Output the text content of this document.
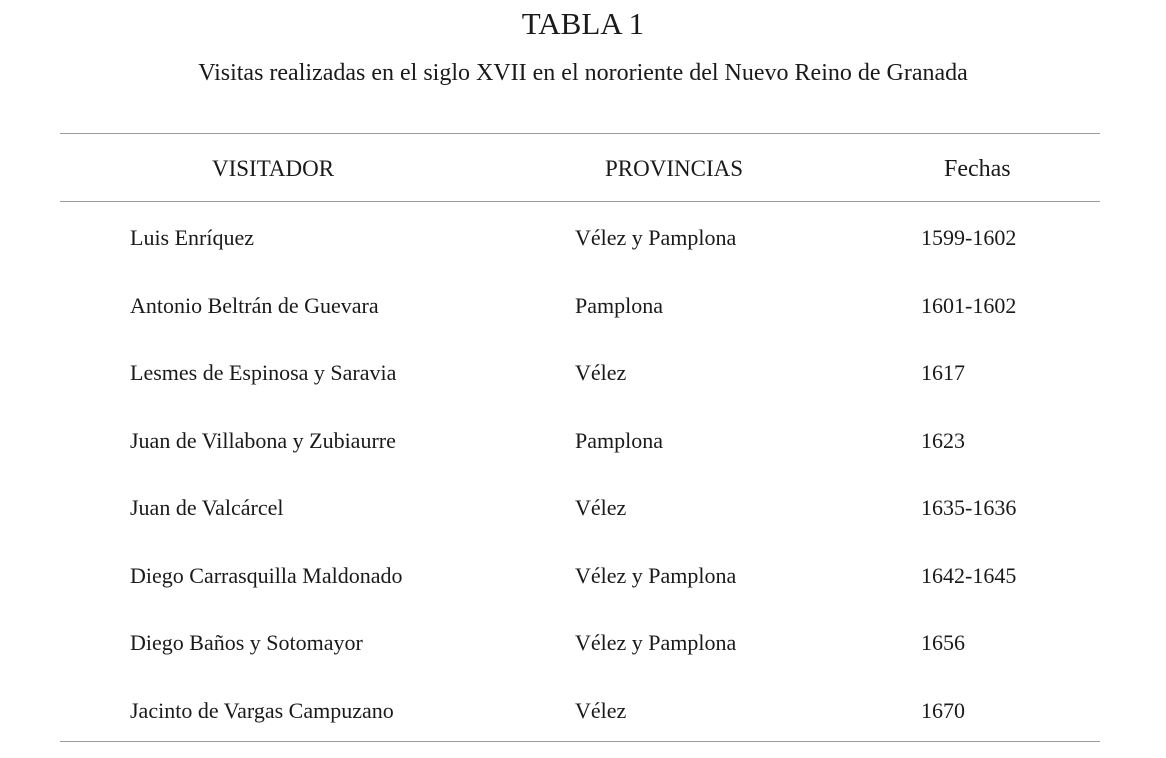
TABLA 1
Visitas realizadas en el siglo XVII en el nororiente del Nuevo Reino de Granada
VISITADOR	PROVINCIAS	Fechas
Luis Enríquez	Vélez y Pamplona	1599-1602
Antonio Beltrán de Guevara	Pamplona	1601-1602
Lesmes de Espinosa y Saravia	Vélez	1617
Juan de Villabona y Zubiaurre	Pamplona	1623
Juan de Valcárcel	Vélez	1635-1636
Diego Carrasquilla Maldonado	Vélez y Pamplona	1642-1645
Diego Baños y Sotomayor	Vélez y Pamplona	1656
Jacinto de Vargas Campuzano	Vélez	1670
